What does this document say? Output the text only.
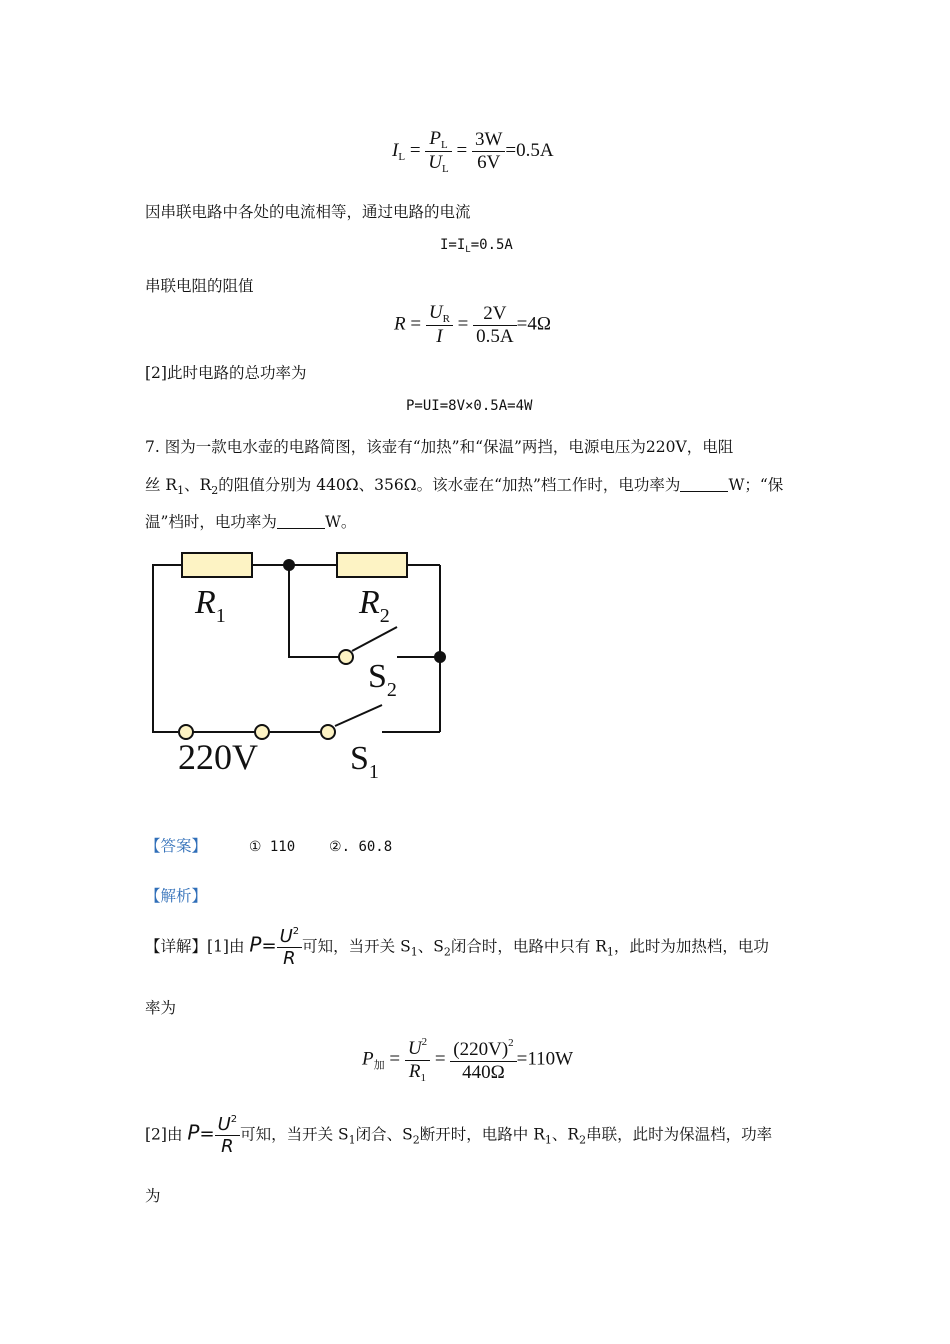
$I_L = \frac{P_L}{U_L} = \frac{3W}{6V} =0.5A$
因串联电路中各处的电流相等，通过电路的电流
$I=I_L=0.5A$
串联电阻的阻值
$R = \frac{U_R}{I} = \frac{2V}{0.5A} =4\Omega$
[2]此时电路的总功率为
P=UI=8V×0.5A=4W
7. 图为一款电水壶的电路简图，该壶有“加热”和“保温”两挡，电源电压为220V，电阻
丝 $R_1$、$R_2$的阻值分别为 440Ω、356Ω。该水壶在“加热”档工作时，电功率为	W；“保
温”档时，电功率为	W。
$R_1$	$R_2$
$S_2$
220V	$S_1$
【答案】	① 110 ②. 60.8
【解析】
【详解】[1]由 $P= \frac{U^2}{R}$ 可知，当开关 $S_1$、$S_2$闭合时，电路中只有 $R_1$，此时为加热档，电功
率为
$P_加 = \frac{U^2}{R_1} = \frac{(220V)^2}{440\Omega} =110W$
[2]由 $P= \frac{U^2}{R}$ 可知，当开关 $S_1$闭合、$S_2$断开时，电路中 $R_1$、$R_2$串联，此时为保温档，功率
为
